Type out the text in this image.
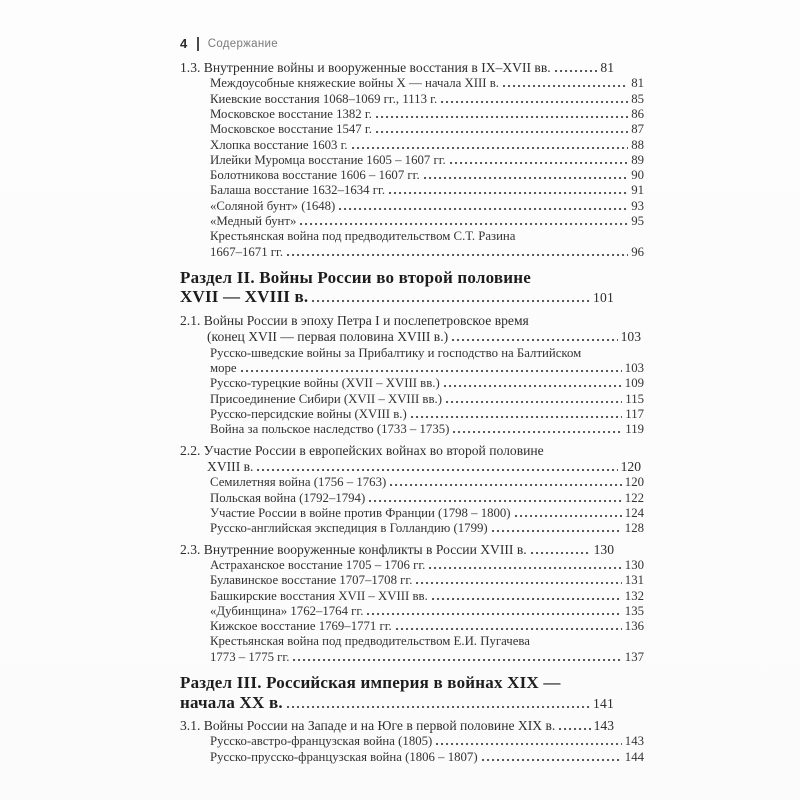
4 Содержание
1.3. Внутренние войны и вооруженные восстания в IX–XVII вв.	81
Междоусобные княжеские войны X — начала XIII в.	81
Киевские восстания 1068–1069 гг., 1113 г.	85
Московское восстание 1382 г.	86
Московское восстание 1547 г.	87
Хлопка восстание 1603 г.	88
Илейки Муромца восстание 1605 – 1607 гг.	89
Болотникова восстание 1606 – 1607 гг.	90
Балаша восстание 1632–1634 гг.	91
«Соляной бунт» (1648)	93
«Медный бунт»	95
Крестьянская война под предводительством С.Т. Разина
1667–1671 гг.	96
Раздел II. Войны России во второй половине
XVII — XVIII в.	101
2.1. Войны России в эпоху Петра I и послепетровское время
(конец XVII — первая половина XVIII в.)	103
Русско-шведские войны за Прибалтику и господство на Балтийском
море	103
Русско-турецкие войны (XVII – XVIII вв.)	109
Присоединение Сибири (XVII – XVIII вв.)	115
Русско-персидские войны (XVIII в.)	117
Война за польское наследство (1733 – 1735)	119
2.2. Участие России в европейских войнах во второй половине
XVIII в.	120
Семилетняя война (1756 – 1763)	120
Польская война (1792–1794)	122
Участие России в войне против Франции (1798 – 1800)	124
Русско-английская экспедиция в Голландию (1799)	128
2.3. Внутренние вооруженные конфликты в России XVIII в.	130
Астраханское восстание 1705 – 1706 гг.	130
Булавинское восстание 1707–1708 гг.	131
Башкирские восстания XVII – XVIII вв.	132
«Дубинщина» 1762–1764 гг.	135
Кижское восстание 1769–1771 гг.	136
Крестьянская война под предводительством Е.И. Пугачева
1773 – 1775 гг.	137
Раздел III. Российская империя в войнах XIX —
начала XX в.	141
3.1. Войны России на Западе и на Юге в первой половине XIX в.	143
Русско-австро-французская война (1805)	143
Русско-прусско-французская война (1806 – 1807)	144
